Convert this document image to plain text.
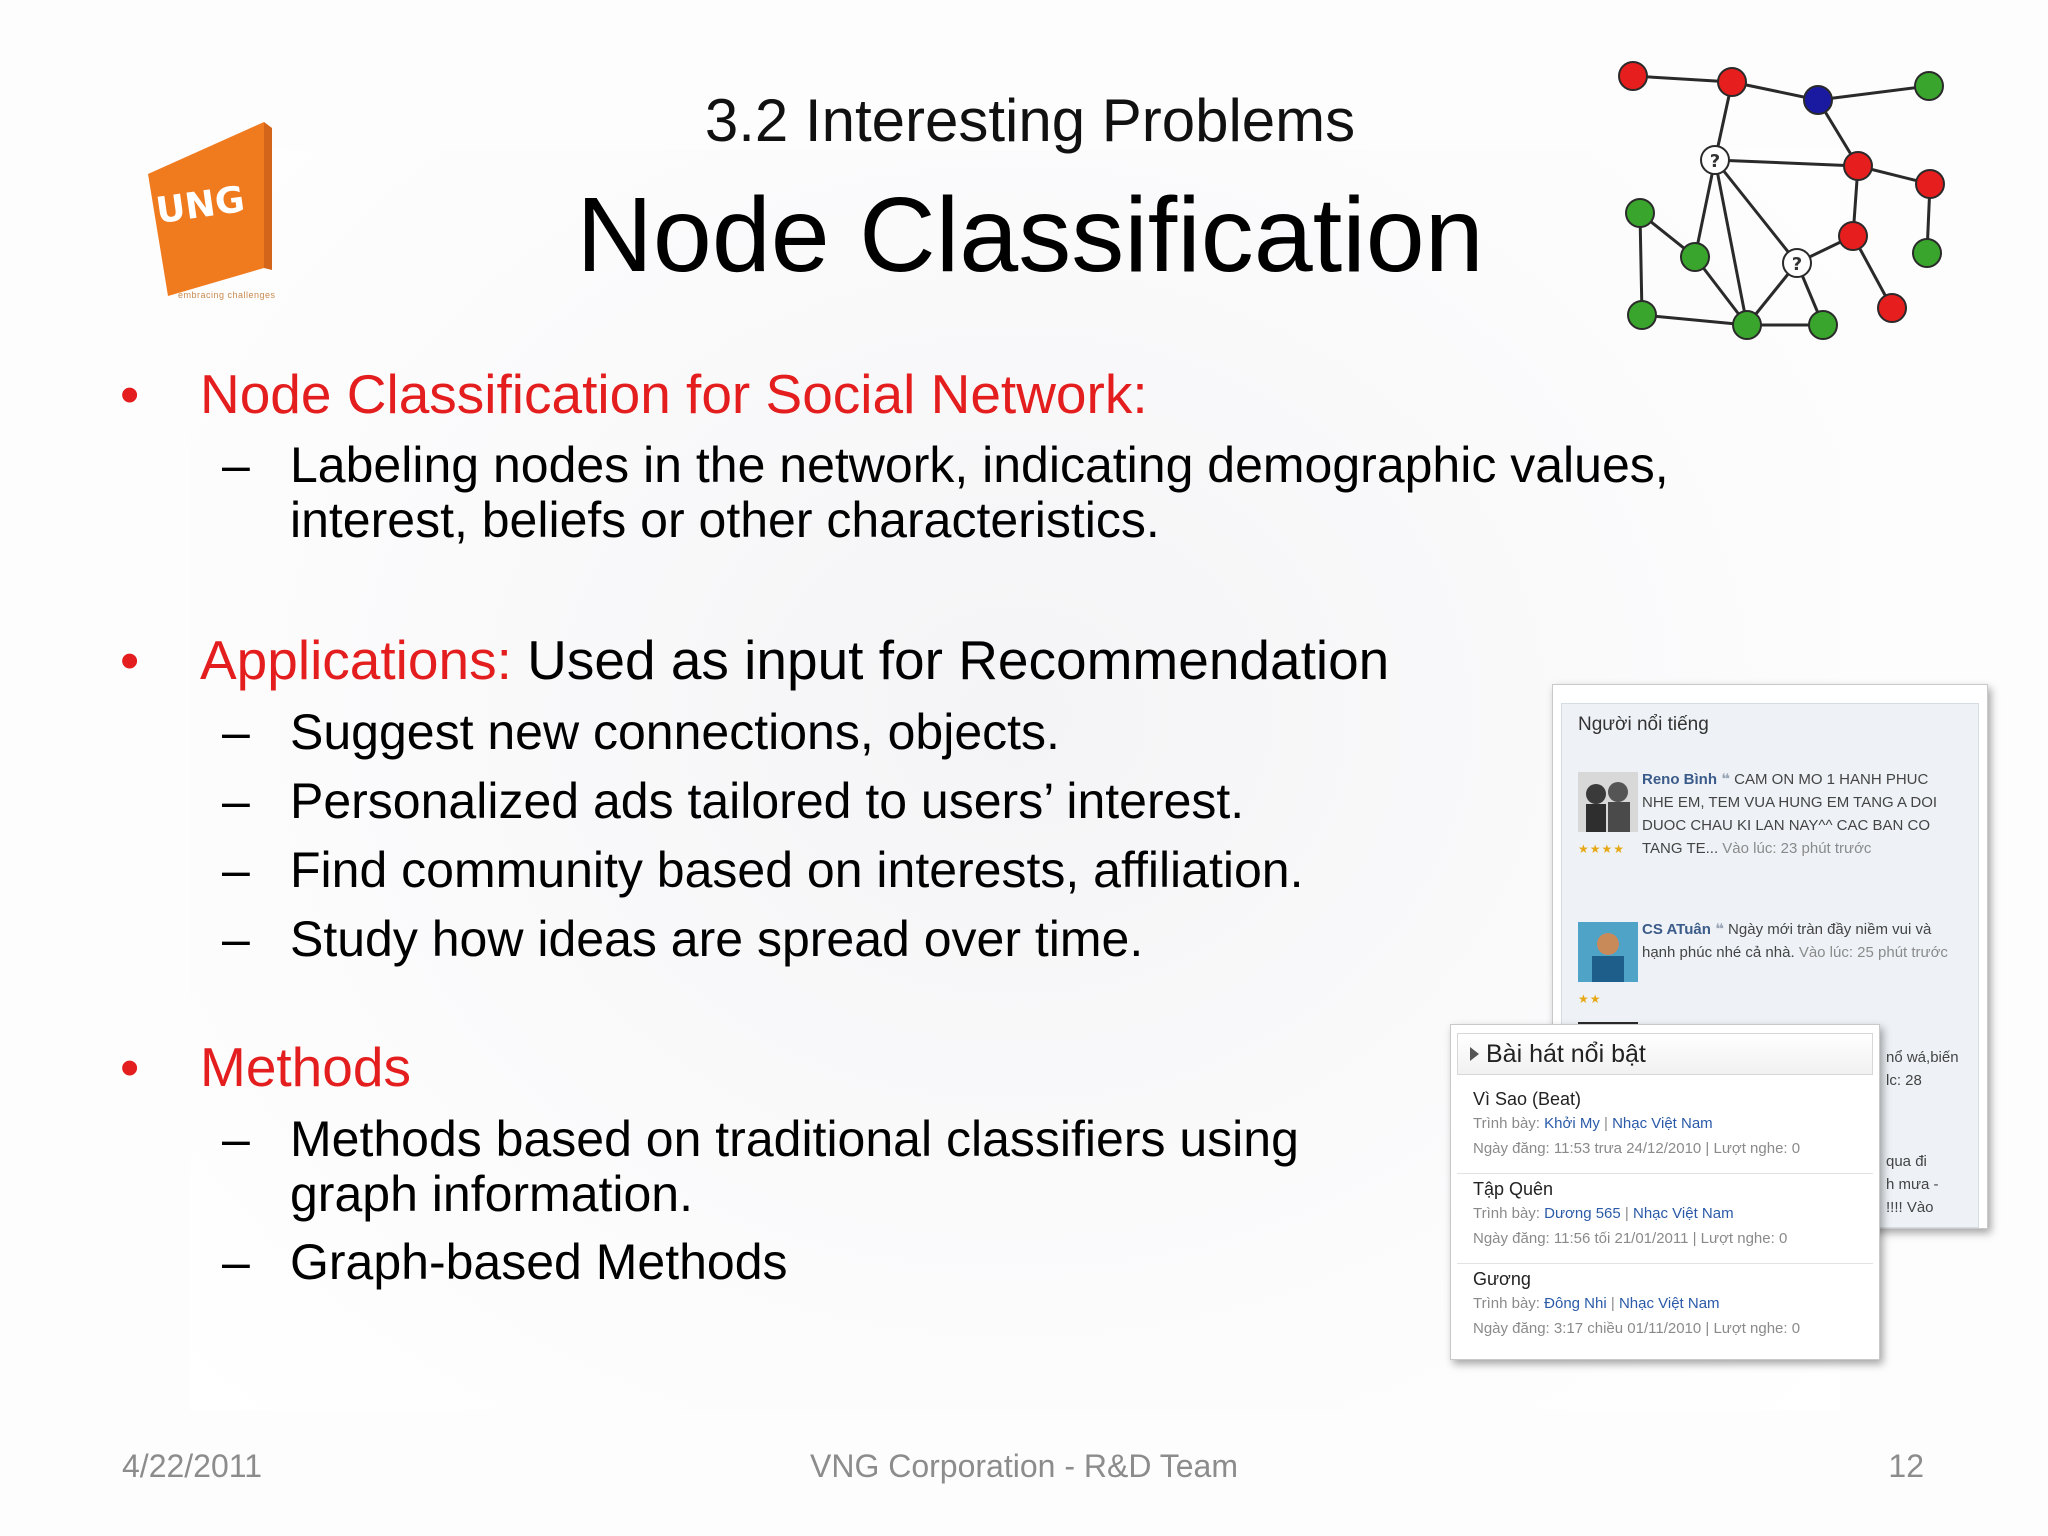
UNG
embracing challenges
3.2 Interesting Problems
Node Classification
?
?
• Node Classification for Social Network:
– Labeling nodes in the network, indicating demographic values,
interest, beliefs or other characteristics.
• Applications: Used as input for Recommendation
– Suggest new connections, objects.
– Personalized ads tailored to users’ interest.
– Find community based on interests, affiliation.
– Study how ideas are spread over time.
• Methods
– Methods based on traditional classifiers using
graph information.
– Graph-based Methods
Người nổi tiếng
★★★★
Reno Bình ❝ CAM ON MO 1 HANH PHUC NHE EM, TEM VUA HUNG EM TANG A DOI DUOC CHAU KI LAN NAY^^ CAC BAN CO TANG TE... Vào lúc: 23 phút trước
★★
CS ATuân ❝ Ngày mới tràn đầy niềm vui và hạnh phúc nhé cả nhà. Vào lúc: 25 phút trước
nổ wá,biến
lc: 28
qua đi
h mưa -
!!!! Vào
Bài hát nổi bật
Vì Sao (Beat)
Trình bày: Khởi My | Nhạc Việt Nam
Ngày đăng: 11:53 trưa 24/12/2010 | Lượt nghe: 0
Tập Quên
Trình bày: Dương 565 | Nhạc Việt Nam
Ngày đăng: 11:56 tối 21/01/2011 | Lượt nghe: 0
Gương
Trình bày: Đông Nhi | Nhạc Việt Nam
Ngày đăng: 3:17 chiều 01/11/2010 | Lượt nghe: 0
4/22/2011	VNG Corporation - R&D Team	12
